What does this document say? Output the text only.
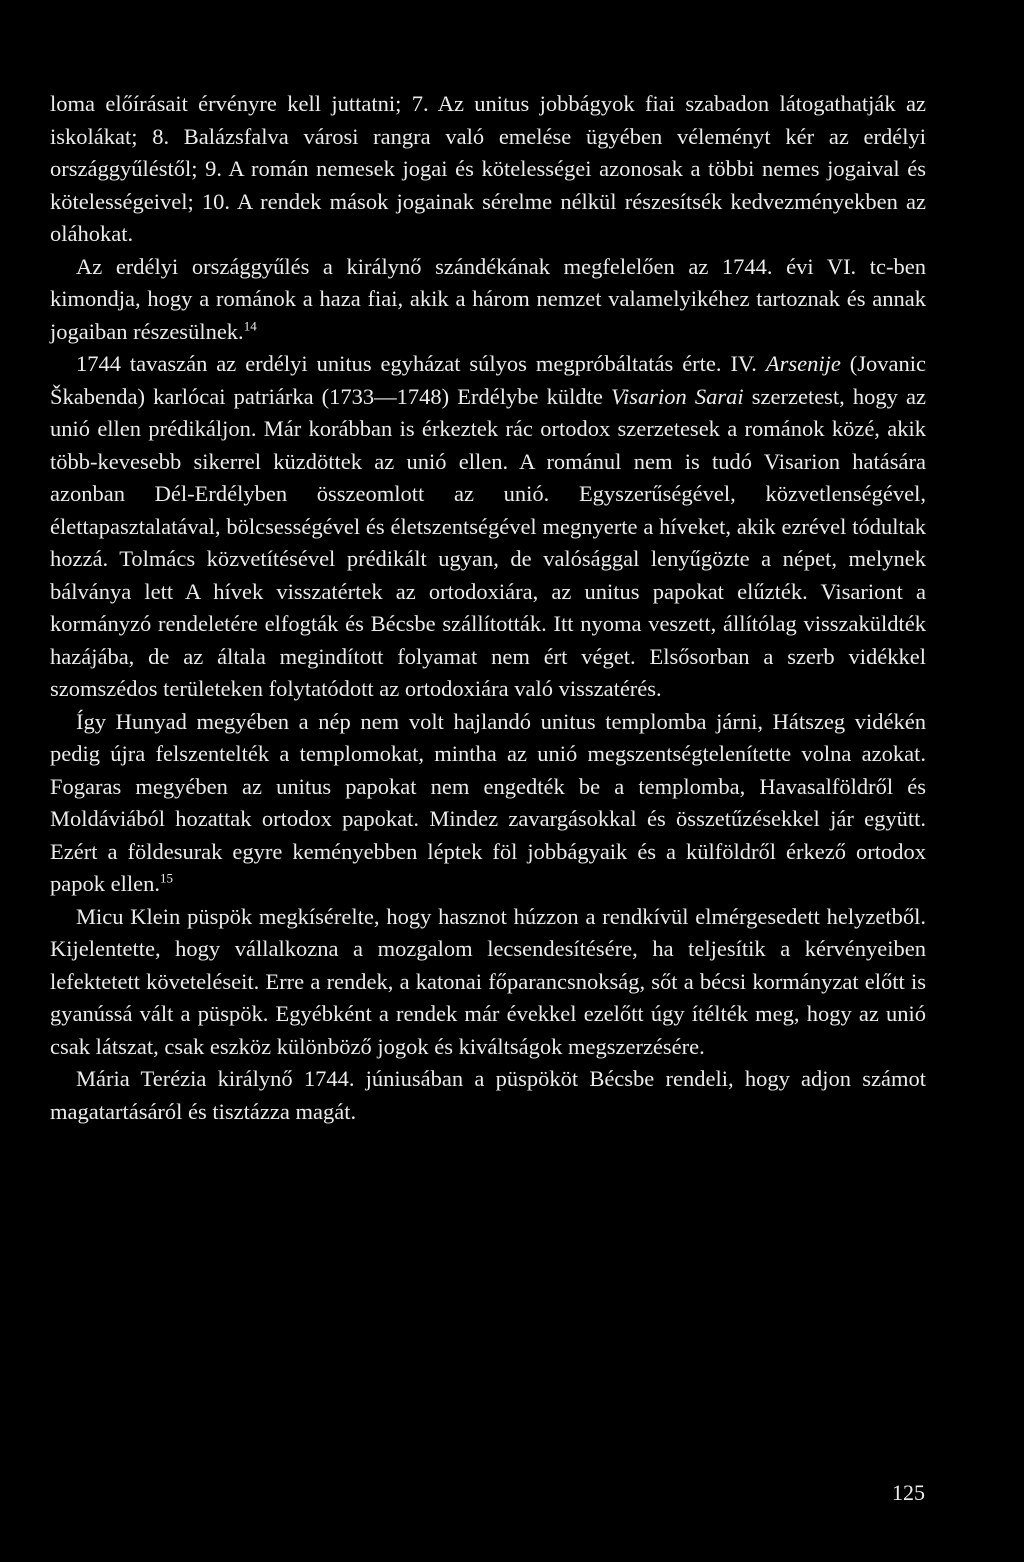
loma előírásait érvényre kell juttatni; 7. Az unitus jobbágyok fiai szabadon látogathatják az iskolákat; 8. Balázsfalva városi rangra való emelése ügyében véleményt kér az erdélyi országgyűléstől; 9. A román nemesek jogai és kötelességei azonosak a többi nemes jogaival és kötelességeivel; 10. A rendek mások jogainak sérelme nélkül részesítsék kedvezményekben az oláhokat.

Az erdélyi országgyűlés a királynő szándékának megfelelően az 1744. évi VI. tc-ben kimondja, hogy a románok a haza fiai, akik a három nemzet valamelyikéhez tartoznak és annak jogaiban részesülnek.$^{14}$

1744 tavaszán az erdélyi unitus egyházat súlyos megpróbáltatás érte. IV. Arsenije (Jovanic Škabenda) karlócai patriárka (1733—1748) Erdélybe küldte Visarion Sarai szerzetest, hogy az unió ellen prédikáljon. Már korábban is érkeztek rác ortodox szerzetesek a románok közé, akik több-kevesebb sikerrel küzdöttek az unió ellen. A románul nem is tudó Visarion hatására azonban Dél-Erdélyben összeomlott az unió. Egyszerűségével, közvetlenségével, élettapasztalatával, bölcsességével és életszentségével megnyerte a híveket, akik ezrével tódultak hozzá. Tolmács közvetítésével prédikált ugyan, de valósággal lenyűgözte a népet, melynek bálványa lett A hívek visszatértek az ortodoxiára, az unitus papokat elűzték. Visariont a kormányzó rendeletére elfogták és Bécsbe szállították. Itt nyoma veszett, állítólag visszaküldték hazájába, de az általa megindított folyamat nem ért véget. Elsősorban a szerb vidékkel szomszédos területeken folytatódott az ortodoxiára való visszatérés.

Így Hunyad megyében a nép nem volt hajlandó unitus templomba járni, Hátszeg vidékén pedig újra felszentelték a templomokat, mintha az unió megszentségtelenítette volna azokat. Fogaras megyében az unitus papokat nem engedték be a templomba, Havasalföldről és Moldáviából hozattak ortodox papokat. Mindez zavargásokkal és összetűzésekkel jár együtt. Ezért a földesurak egyre keményebben léptek föl jobbágyaik és a külföldről érkező ortodox papok ellen.$^{15}$

Micu Klein püspök megkísérelte, hogy hasznot húzzon a rendkívül elmérgesedett helyzetből. Kijelentette, hogy vállalkozna a mozgalom lecsendesítésére, ha teljesítik a kérvényeiben lefektetett követeléseit. Erre a rendek, a katonai főparancsnokság, sőt a bécsi kormányzat előtt is gyanússá vált a püspök. Egyébként a rendek már évekkel ezelőtt úgy ítélték meg, hogy az unió csak látszat, csak eszköz különböző jogok és kiváltságok megszerzésére.

Mária Terézia királynő 1744. júniusában a püspököt Bécsbe rendeli, hogy adjon számot magatartásáról és tisztázza magát.

125
